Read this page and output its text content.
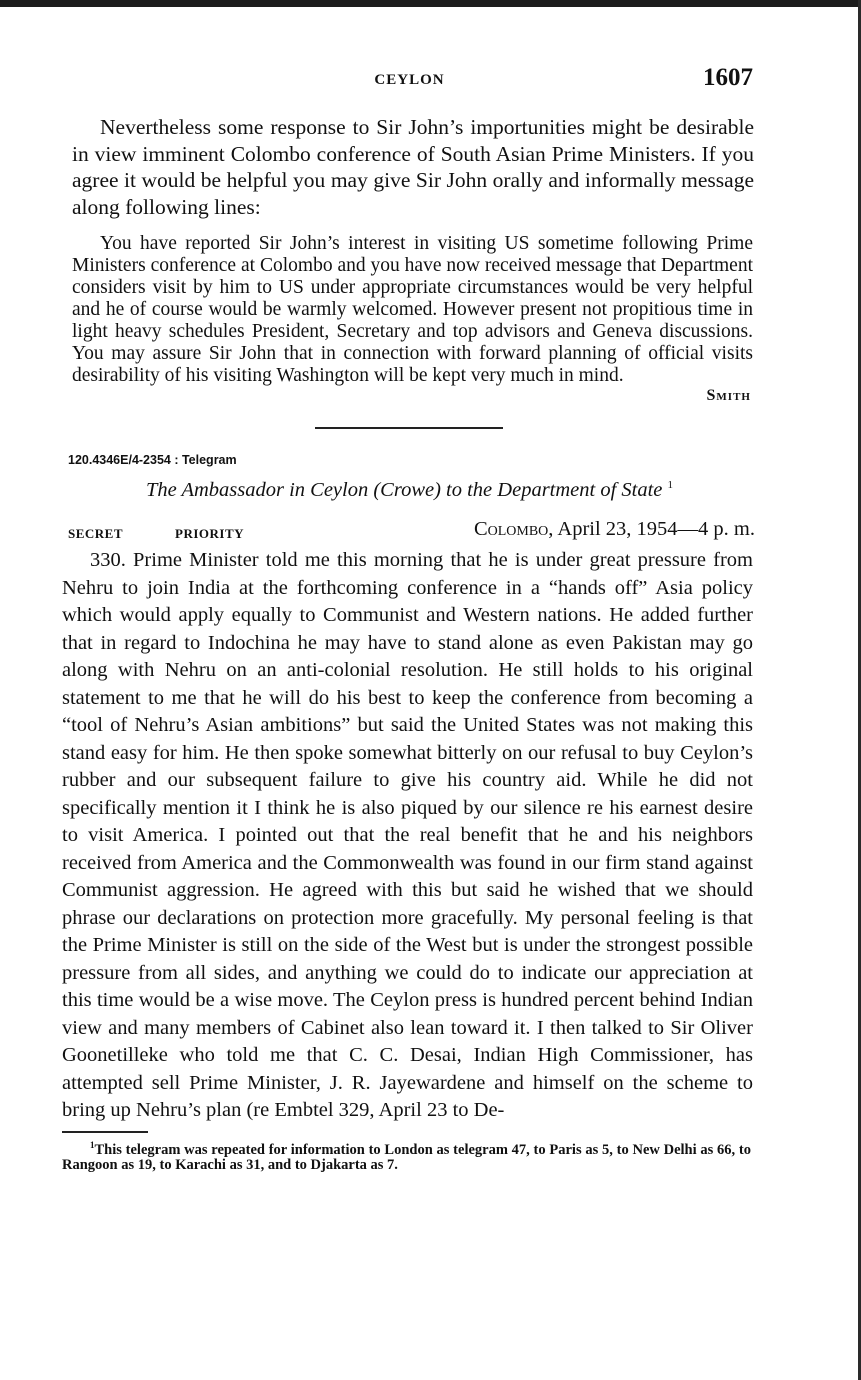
CEYLON	1607

Nevertheless some response to Sir John’s importunities might be desirable in view imminent Colombo conference of South Asian Prime Ministers. If you agree it would be helpful you may give Sir John orally and informally message along following lines:

You have reported Sir John’s interest in visiting US sometime following Prime Ministers conference at Colombo and you have now received message that Department considers visit by him to US under appropriate circumstances would be very helpful and he of course would be warmly welcomed. However present not propitious time in light heavy schedules President, Secretary and top advisors and Geneva discussions. You may assure Sir John that in connection with forward planning of official visits desirability of his visiting Washington will be kept very much in mind.

Smith

120.4346E/4-2354 : Telegram
The Ambassador in Ceylon (Crowe) to the Department of State $^1$
SECRET	PRIORITY	Colombo, April 23, 1954—4 p. m.

330. Prime Minister told me this morning that he is under great pressure from Nehru to join India at the forthcoming conference in a “hands off” Asia policy which would apply equally to Communist and Western nations. He added further that in regard to Indochina he may have to stand alone as even Pakistan may go along with Nehru on an anti-colonial resolution. He still holds to his original statement to me that he will do his best to keep the conference from becoming a “tool of Nehru’s Asian ambitions” but said the United States was not making this stand easy for him. He then spoke somewhat bitterly on our refusal to buy Ceylon’s rubber and our subsequent failure to give his country aid. While he did not specifically mention it I think he is also piqued by our silence re his earnest desire to visit America. I pointed out that the real benefit that he and his neighbors received from America and the Commonwealth was found in our firm stand against Communist aggression. He agreed with this but said he wished that we should phrase our declarations on protection more gracefully. My personal feeling is that the Prime Minister is still on the side of the West but is under the strongest possible pressure from all sides, and anything we could do to indicate our appreciation at this time would be a wise move. The Ceylon press is hundred percent behind Indian view and many members of Cabinet also lean toward it. I then talked to Sir Oliver Goonetilleke who told me that C. C. Desai, Indian High Commissioner, has attempted sell Prime Minister, J. R. Jayewardene and himself on the scheme to bring up Nehru’s plan (re Embtel 329, April 23 to De-

$^1$This telegram was repeated for information to London as telegram 47, to Paris as 5, to New Delhi as 66, to Rangoon as 19, to Karachi as 31, and to Djakarta as 7.
